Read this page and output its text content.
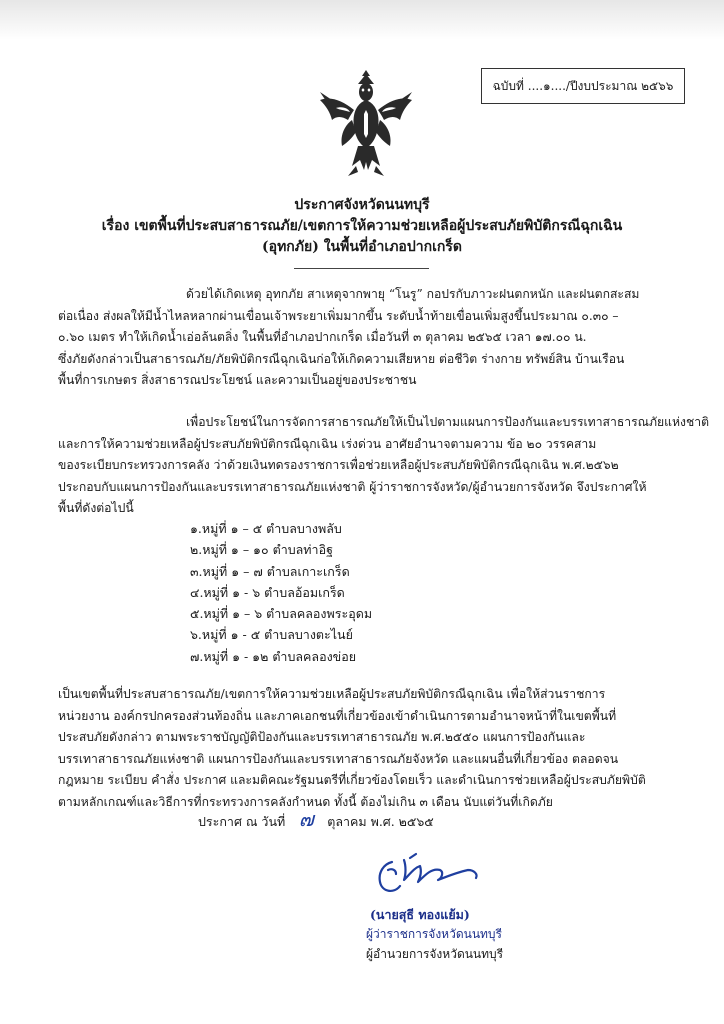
ฉบับที่ .... ๑ ..../ปีงบประมาณ ๒๕๖๖
ประกาศจังหวัดนนทบุรี
เรื่อง เขตพื้นที่ประสบสาธารณภัย/เขตการให้ความช่วยเหลือผู้ประสบภัยพิบัติกรณีฉุกเฉิน
(อุทกภัย) ในพื้นที่อำเภอปากเกร็ด
ด้วยได้เกิดเหตุ อุทกภัย สาเหตุจากพายุ “โนรู” กอปรกับภาวะฝนตกหนัก และฝนตกสะสม
ต่อเนื่อง ส่งผลให้มีน้ำไหลหลากผ่านเขื่อนเจ้าพระยาเพิ่มมากขึ้น ระดับน้ำท้ายเขื่อนเพิ่มสูงขึ้นประมาณ ๐.๓๐ –
๐.๖๐ เมตร ทำให้เกิดน้ำเอ่อล้นตลิ่ง ในพื้นที่อำเภอปากเกร็ด เมื่อวันที่ ๓ ตุลาคม ๒๕๖๕ เวลา ๑๗.๐๐ น.
ซึ่งภัยดังกล่าวเป็นสาธารณภัย/ภัยพิบัติกรณีฉุกเฉินก่อให้เกิดความเสียหาย ต่อชีวิต ร่างกาย ทรัพย์สิน บ้านเรือน
พื้นที่การเกษตร สิ่งสาธารณประโยชน์ และความเป็นอยู่ของประชาชน
เพื่อประโยชน์ในการจัดการสาธารณภัยให้เป็นไปตามแผนการป้องกันและบรรเทาสาธารณภัยแห่งชาติ
และการให้ความช่วยเหลือผู้ประสบภัยพิบัติกรณีฉุกเฉิน เร่งด่วน อาศัยอำนาจตามความ ข้อ ๒๐ วรรคสาม
ของระเบียบกระทรวงการคลัง ว่าด้วยเงินทดรองราชการเพื่อช่วยเหลือผู้ประสบภัยพิบัติกรณีฉุกเฉิน พ.ศ.๒๕๖๒
ประกอบกับแผนการป้องกันและบรรเทาสาธารณภัยแห่งชาติ ผู้ว่าราชการจังหวัด/ผู้อำนวยการจังหวัด จึงประกาศให้
พื้นที่ดังต่อไปนี้
๑.หมู่ที่ ๑ – ๕ ตำบลบางพลับ
๒.หมู่ที่ ๑ – ๑๐ ตำบลท่าอิฐ
๓.หมู่ที่ ๑ – ๗ ตำบลเกาะเกร็ด
๔.หมู่ที่ ๑ - ๖ ตำบลอ้อมเกร็ด
๕.หมู่ที่ ๑ – ๖ ตำบลคลองพระอุดม
๖.หมู่ที่ ๑ - ๕ ตำบลบางตะไนย์
๗.หมู่ที่ ๑ - ๑๒ ตำบลคลองข่อย
เป็นเขตพื้นที่ประสบสาธารณภัย/เขตการให้ความช่วยเหลือผู้ประสบภัยพิบัติกรณีฉุกเฉิน เพื่อให้ส่วนราชการ
หน่วยงาน องค์กรปกครองส่วนท้องถิ่น และภาคเอกชนที่เกี่ยวข้องเข้าดำเนินการตามอำนาจหน้าที่ในเขตพื้นที่
ประสบภัยดังกล่าว ตามพระราชบัญญัติป้องกันและบรรเทาสาธารณภัย พ.ศ.๒๕๕๐ แผนการป้องกันและ
บรรเทาสาธารณภัยแห่งชาติ แผนการป้องกันและบรรเทาสาธารณภัยจังหวัด และแผนอื่นที่เกี่ยวข้อง ตลอดจน
กฎหมาย ระเบียบ คำสั่ง ประกาศ และมติคณะรัฐมนตรีที่เกี่ยวข้องโดยเร็ว และดำเนินการช่วยเหลือผู้ประสบภัยพิบัติ
ตามหลักเกณฑ์และวิธีการที่กระทรวงการคลังกำหนด ทั้งนี้ ต้องไม่เกิน ๓ เดือน นับแต่วันที่เกิดภัย
ประกาศ ณ วันที่ ๗ ตุลาคม พ.ศ. ๒๕๖๕
(นายสุธี ทองแย้ม)
ผู้ว่าราชการจังหวัดนนทบุรี
ผู้อำนวยการจังหวัดนนทบุรี
